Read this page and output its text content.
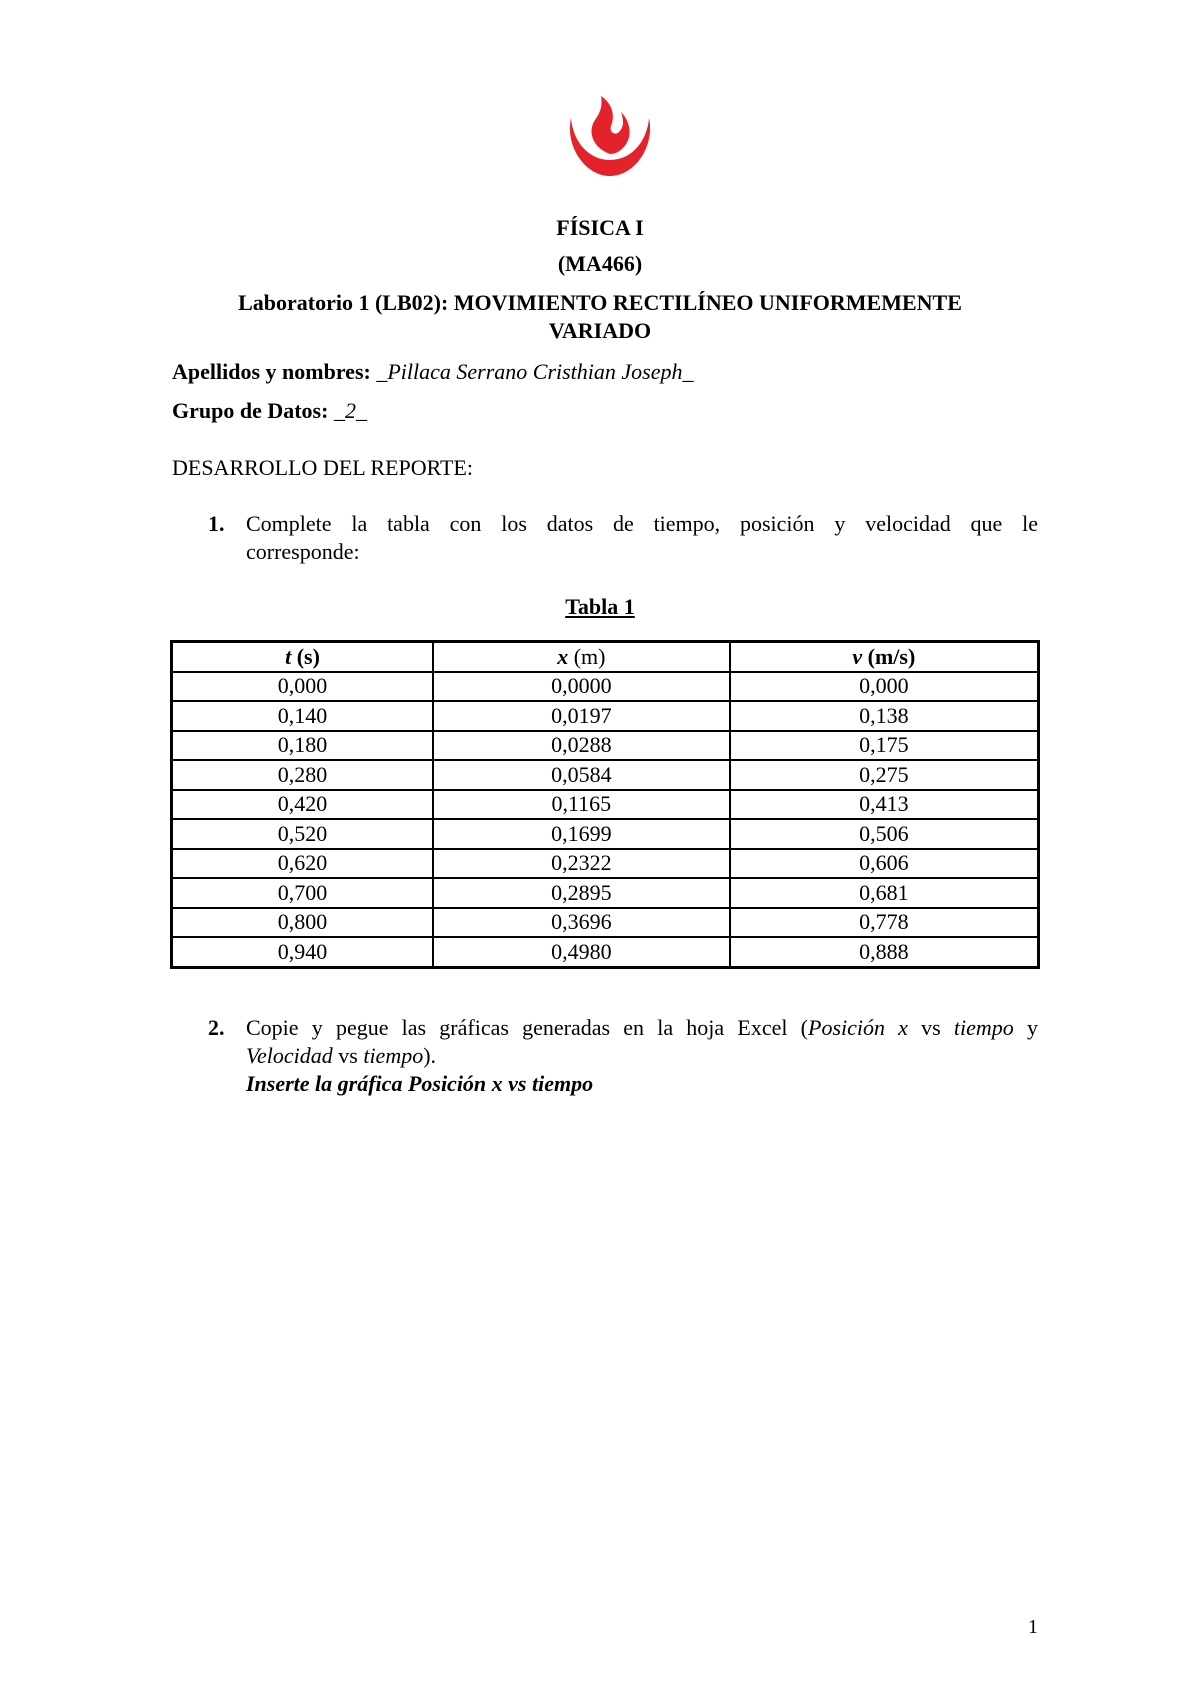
FÍSICA I
(MA466)
Laboratorio 1 (LB02): MOVIMIENTO RECTILÍNEO UNIFORMEMENTE
VARIADO
Apellidos y nombres: _Pillaca Serrano Cristhian Joseph_
Grupo de Datos: _2_
DESARROLLO DEL REPORTE:
1. Complete la tabla con los datos de tiempo, posición y velocidad que le
corresponde:
Tabla 1
t (s)	x (m)	v (m/s)
0,000	0,0000	0,000
0,140	0,0197	0,138
0,180	0,0288	0,175
0,280	0,0584	0,275
0,420	0,1165	0,413
0,520	0,1699	0,506
0,620	0,2322	0,606
0,700	0,2895	0,681
0,800	0,3696	0,778
0,940	0,4980	0,888
2. Copie y pegue las gráficas generadas en la hoja Excel (Posición x vs tiempo y
Velocidad vs tiempo).
Inserte la gráfica Posición x vs tiempo
1
